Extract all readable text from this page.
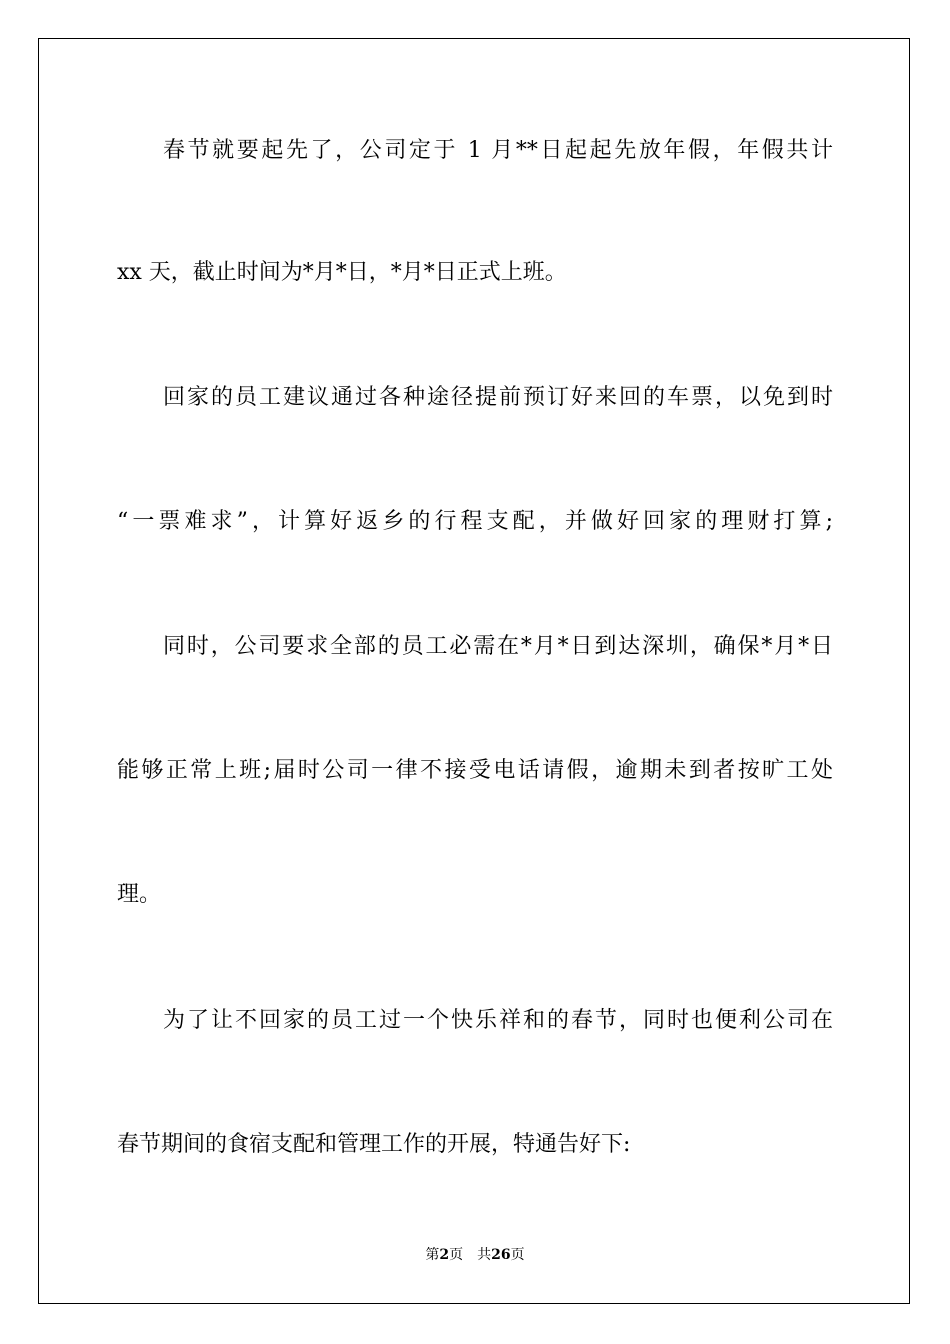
春节就要起先了，公司定于 1 月**日起起先放年假，年假共计
xx 天，截止时间为*月*日，*月*日正式上班。
回家的员工建议通过各种途径提前预订好来回的车票，以免到时
“一票难求”，计算好返乡的行程支配，并做好回家的理财打算;
同时，公司要求全部的员工必需在*月*日到达深圳，确保*月*日
能够正常上班;届时公司一律不接受电话请假，逾期未到者按旷工处
理。
为了让不回家的员工过一个快乐祥和的春节，同时也便利公司在
春节期间的食宿支配和管理工作的开展，特通告好下:
第2页 共26页
